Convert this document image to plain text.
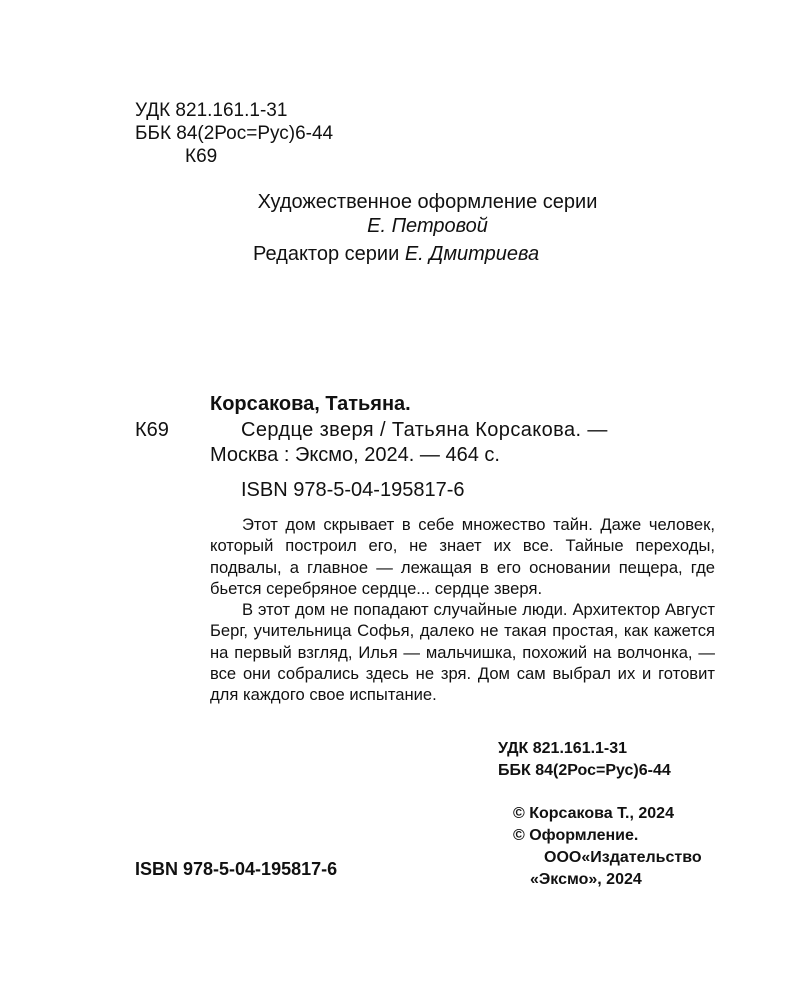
УДК 821.161.1-31
ББК 84(2Рос=Рус)6-44
К69
Художественное оформление серии
Е. Петровой
Редактор серии Е. Дмитриева
Корсакова, Татьяна.
К69	Сердце зверя / Татьяна Корсакова. —
Москва : Эксмо, 2024. — 464 с.
ISBN 978-5-04-195817-6

Этот дом скрывает в себе множество тайн. Даже человек, который построил его, не знает их все. Тайные переходы, подвалы, а главное — лежащая в его основании пещера, где бьется серебряное сердце... сердце зверя.

В этот дом не попадают случайные люди. Архитектор Август Берг, учительница Софья, далеко не такая простая, как кажется на первый взгляд, Илья — мальчишка, похожий на волчонка, — все они собрались здесь не зря. Дом сам выбрал их и готовит для каждого свое испытание.

УДК 821.161.1-31
ББК 84(2Рос=Рус)6-44
© Корсакова Т., 2024
© Оформление.
ООО«Издательство
«Эксмо», 2024
ISBN 978-5-04-195817-6
